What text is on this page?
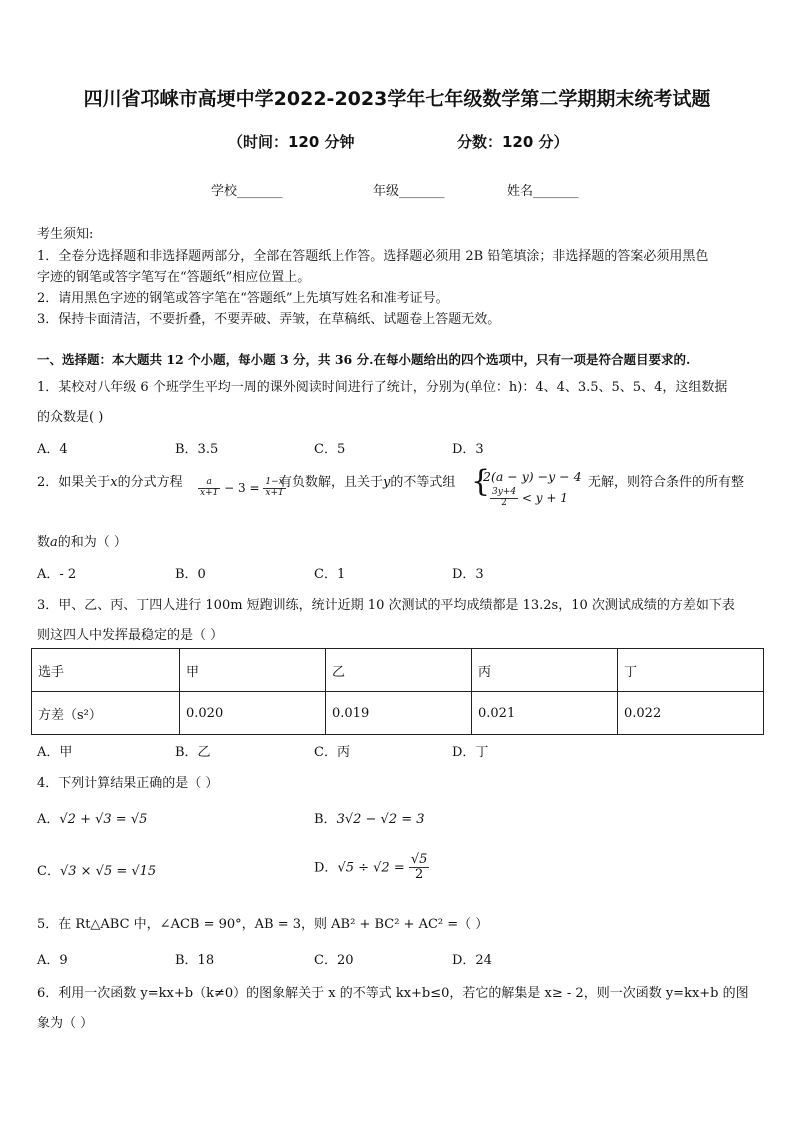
四川省邛崃市高埂中学2022-2023学年七年级数学第二学期期末统考试题
（时间：120 分钟	分数：120 分）
学校_______	年级_______	姓名_______
考生须知:
1．全卷分选择题和非选择题两部分，全部在答题纸上作答。选择题必须用 2B 铅笔填涂；非选择题的答案必须用黑色
字迹的钢笔或答字笔写在“答题纸”相应位置上。
2．请用黑色字迹的钢笔或答字笔在“答题纸”上先填写姓名和准考证号。
3．保持卡面清洁，不要折叠，不要弄破、弄皱，在草稿纸、试题卷上答题无效。
一、选择题：本大题共 12 个小题，每小题 3 分，共 36 分.在每小题给出的四个选项中，只有一项是符合题目要求的.
1．某校对八年级 6 个班学生平均一周的课外阅读时间进行了统计，分别为(单位：h)：4、4、3.5、5、5、4，这组数据
的众数是( )
A．4	B．3.5	C．5	D．3
2．如果关于x的分式方程 $\frac{a}{x+1} - 3 = \frac{1-x}{x+1}$
有负数解，且关于y的不等式组 {
2(a − y) −y − 4
$\frac{3y+4}{2} < y + 1$
无解，则符合条件的所有整
数a的和为（ ）
A．- 2	B．0	C．1	D．3
3．甲、乙、丙、丁四人进行 100m 短跑训练，统计近期 10 次测试的平均成绩都是 13.2s，10 次测试成绩的方差如下表
则这四人中发挥最稳定的是（ ）
选手	甲	乙	丙	丁
方差（s²）	0.020	0.019	0.021	0.022
A．甲	B．乙	C．丙	D．丁
4．下列计算结果正确的是（ ）
A．√2 + √3 = √5	B．3√2 − √2 = 3
C．√3 × √5 = √15	D．$√5 \div √2 = \frac{√5}{2}$
5．在 Rt△ABC 中，∠ACB = 90°，AB = 3，则 AB² + BC² + AC² =（ ）
A．9	B．18	C．20	D．24
6．利用一次函数 y=kx+b（k≠0）的图象解关于 x 的不等式 kx+b≤0，若它的解集是 x≥ - 2，则一次函数 y=kx+b 的图
象为（ ）
